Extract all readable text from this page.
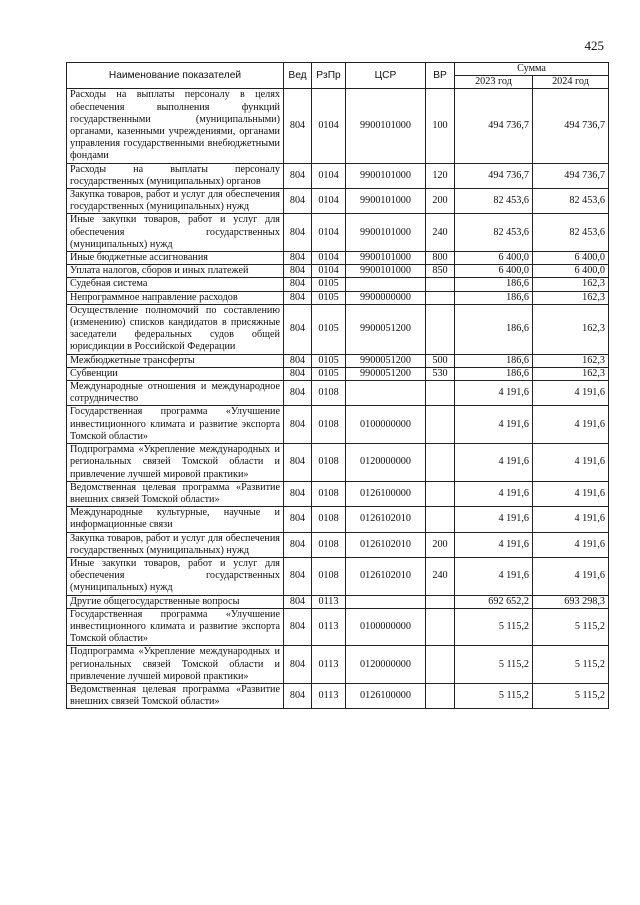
425
Наименование показателей	Вед	РзПр	ЦСР	ВР	Сумма	
					2023 год	2024 год
Расходы на выплаты персоналу в целях обеспечения выполнения функций государственными (муниципальными) органами, казенными учреждениями, органами управления государственными внебюджетными фондами	804	0104	9900101000	100	494 736,7	494 736,7
Расходы на выплаты персоналу государственных (муниципальных) органов	804	0104	9900101000	120	494 736,7	494 736,7
Закупка товаров, работ и услуг для обеспечения государственных (муниципальных) нужд	804	0104	9900101000	200	82 453,6	82 453,6
Иные закупки товаров, работ и услуг для обеспечения государственных (муниципальных) нужд	804	0104	9900101000	240	82 453,6	82 453,6
Иные бюджетные ассигнования	804	0104	9900101000	800	6 400,0	6 400,0
Уплата налогов, сборов и иных платежей	804	0104	9900101000	850	6 400,0	6 400,0
Судебная система	804	0105			186,6	162,3
Непрограммное направление расходов	804	0105	9900000000		186,6	162,3
Осуществление полномочий по составлению (изменению) списков кандидатов в присяжные заседатели федеральных судов общей юрисдикции в Российской Федерации	804	0105	9900051200		186,6	162,3
Межбюджетные трансферты	804	0105	9900051200	500	186,6	162,3
Субвенции	804	0105	9900051200	530	186,6	162,3
Международные отношения и международное сотрудничество	804	0108			4 191,6	4 191,6
Государственная программа «Улучшение инвестиционного климата и развитие экспорта Томской области»	804	0108	0100000000		4 191,6	4 191,6
Подпрограмма «Укрепление международных и региональных связей Томской области и привлечение лучшей мировой практики»	804	0108	0120000000		4 191,6	4 191,6
Ведомственная целевая программа «Развитие внешних связей Томской области»	804	0108	0126100000		4 191,6	4 191,6
Международные культурные, научные и информационные связи	804	0108	0126102010		4 191,6	4 191,6
Закупка товаров, работ и услуг для обеспечения государственных (муниципальных) нужд	804	0108	0126102010	200	4 191,6	4 191,6
Иные закупки товаров, работ и услуг для обеспечения государственных (муниципальных) нужд	804	0108	0126102010	240	4 191,6	4 191,6
Другие общегосударственные вопросы	804	0113			692 652,2	693 298,3
Государственная программа «Улучшение инвестиционного климата и развитие экспорта Томской области»	804	0113	0100000000		5 115,2	5 115,2
Подпрограмма «Укрепление международных и региональных связей Томской области и привлечение лучшей мировой практики»	804	0113	0120000000		5 115,2	5 115,2
Ведомственная целевая программа «Развитие внешних связей Томской области»	804	0113	0126100000		5 115,2	5 115,2
